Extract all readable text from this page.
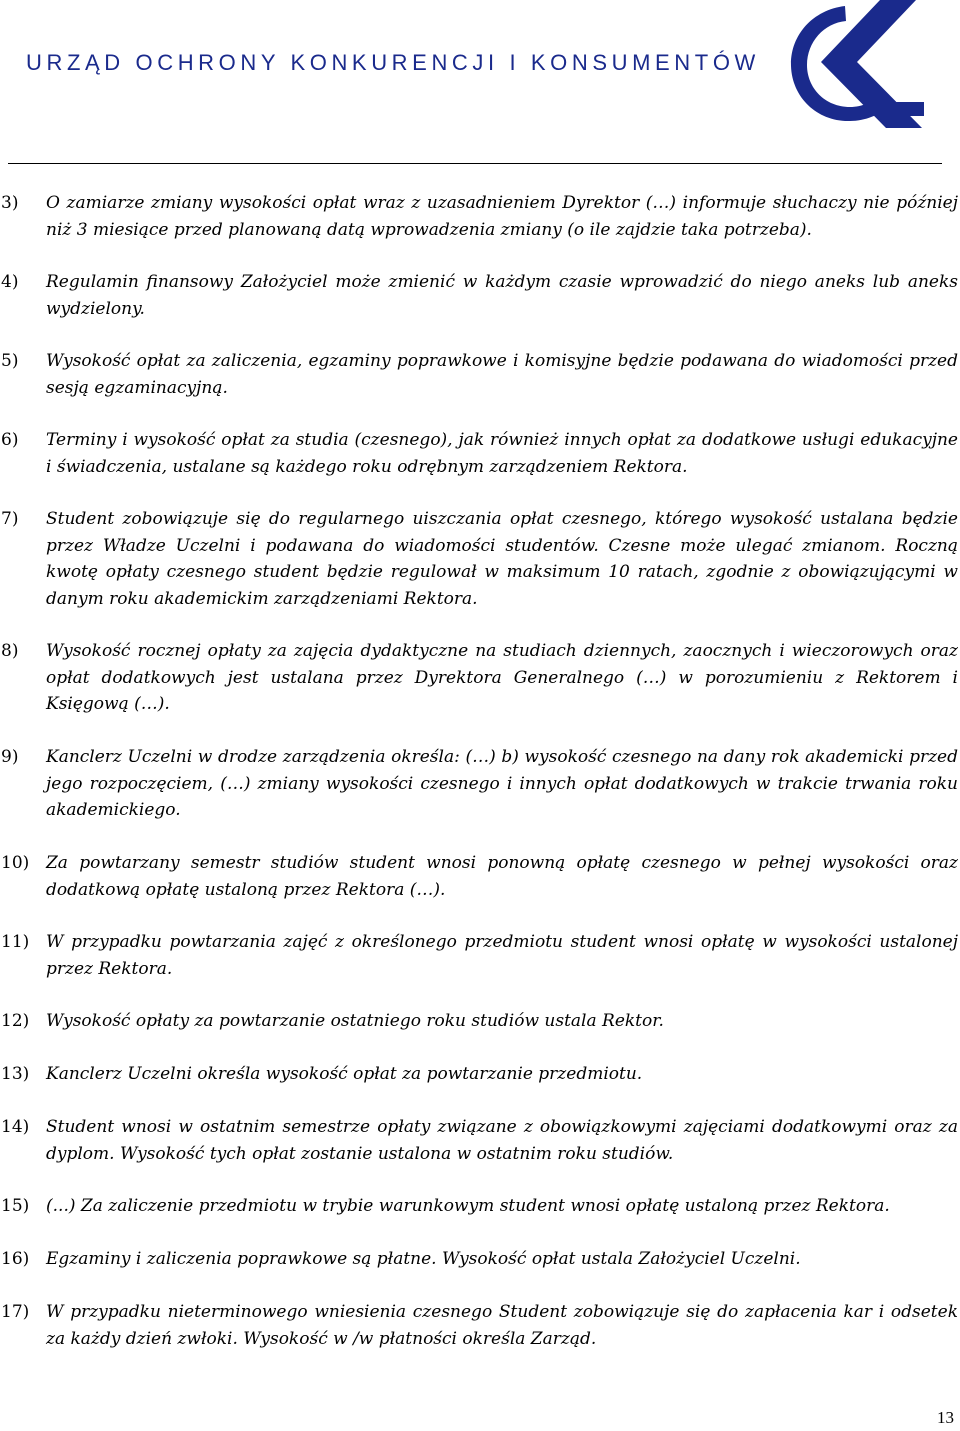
URZĄD OCHRONY KONKURENCJI I KONSUMENTÓW
3) O zamiarze zmiany wysokości opłat wraz z uzasadnieniem Dyrektor (…) informuje słuchaczy nie później niż 3 miesiące przed planowaną datą wprowadzenia zmiany (o ile zajdzie taka potrzeba).
4) Regulamin finansowy Założyciel może zmienić w każdym czasie wprowadzić do niego aneks lub aneks wydzielony.
5) Wysokość opłat za zaliczenia, egzaminy poprawkowe i komisyjne będzie podawana do wiadomości przed sesją egzaminacyjną.
6) Terminy i wysokość opłat za studia (czesnego), jak również innych opłat za dodatkowe usługi edukacyjne i świadczenia, ustalane są każdego roku odrębnym zarządzeniem Rektora.
7) Student zobowiązuje się do regularnego uiszczania opłat czesnego, którego wysokość ustalana będzie przez Władze Uczelni i podawana do wiadomości studentów. Czesne może ulegać zmianom. Roczną kwotę opłaty czesnego student będzie regulował w maksimum 10 ratach, zgodnie z obowiązującymi w danym roku akademickim zarządzeniami Rektora.
8) Wysokość rocznej opłaty za zajęcia dydaktyczne na studiach dziennych, zaocznych i wieczorowych oraz opłat dodatkowych jest ustalana przez Dyrektora Generalnego (…) w porozumieniu z Rektorem i Księgową (…).
9) Kanclerz Uczelni w drodze zarządzenia określa: (…) b) wysokość czesnego na dany rok akademicki przed jego rozpoczęciem, (…) zmiany wysokości czesnego i innych opłat dodatkowych w trakcie trwania roku akademickiego.
10) Za powtarzany semestr studiów student wnosi ponowną opłatę czesnego w pełnej wysokości oraz dodatkową opłatę ustaloną przez Rektora (…).
11) W przypadku powtarzania zajęć z określonego przedmiotu student wnosi opłatę w wysokości ustalonej przez Rektora.
12) Wysokość opłaty za powtarzanie ostatniego roku studiów ustala Rektor.
13) Kanclerz Uczelni określa wysokość opłat za powtarzanie przedmiotu.
14) Student wnosi w ostatnim semestrze opłaty związane z obowiązkowymi zajęciami dodatkowymi oraz za dyplom. Wysokość tych opłat zostanie ustalona w ostatnim roku studiów.
15) (...) Za zaliczenie przedmiotu w trybie warunkowym student wnosi opłatę ustaloną przez Rektora.
16) Egzaminy i zaliczenia poprawkowe są płatne. Wysokość opłat ustala Założyciel Uczelni.
17) W przypadku nieterminowego wniesienia czesnego Student zobowiązuje się do zapłacenia kar i odsetek za każdy dzień zwłoki. Wysokość w /w płatności określa Zarząd.
13
